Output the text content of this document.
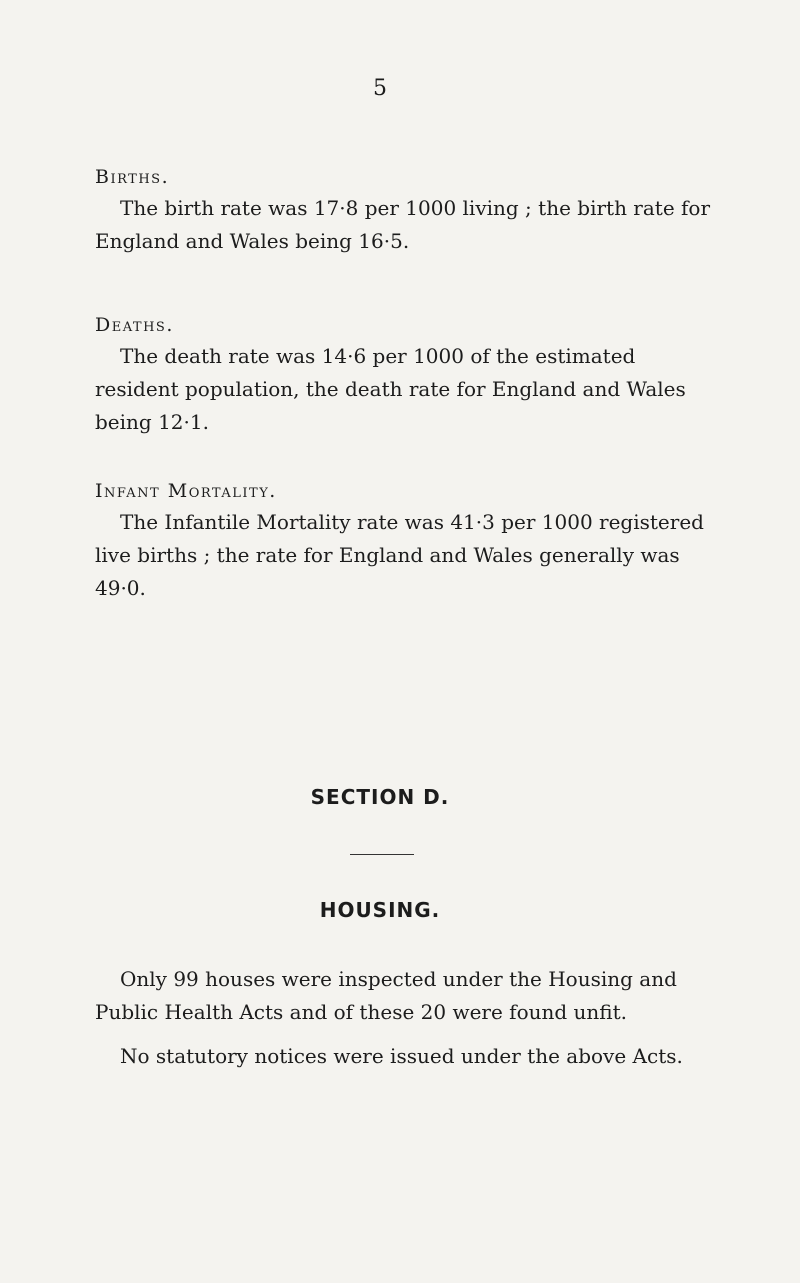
5

Births.

The birth rate was 17·8 per 1000 living ; the birth rate for England and Wales being 16·5.

Deaths.

The death rate was 14·6 per 1000 of the estimated resident population, the death rate for England and Wales being 12·1.

Infant Mortality.

The Infantile Mortality rate was 41·3 per 1000 registered live births ; the rate for England and Wales generally was 49·0.

SECTION D.
HOUSING.

Only 99 houses were inspected under the Housing and Public Health Acts and of these 20 were found unfit.

No statutory notices were issued under the above Acts.
